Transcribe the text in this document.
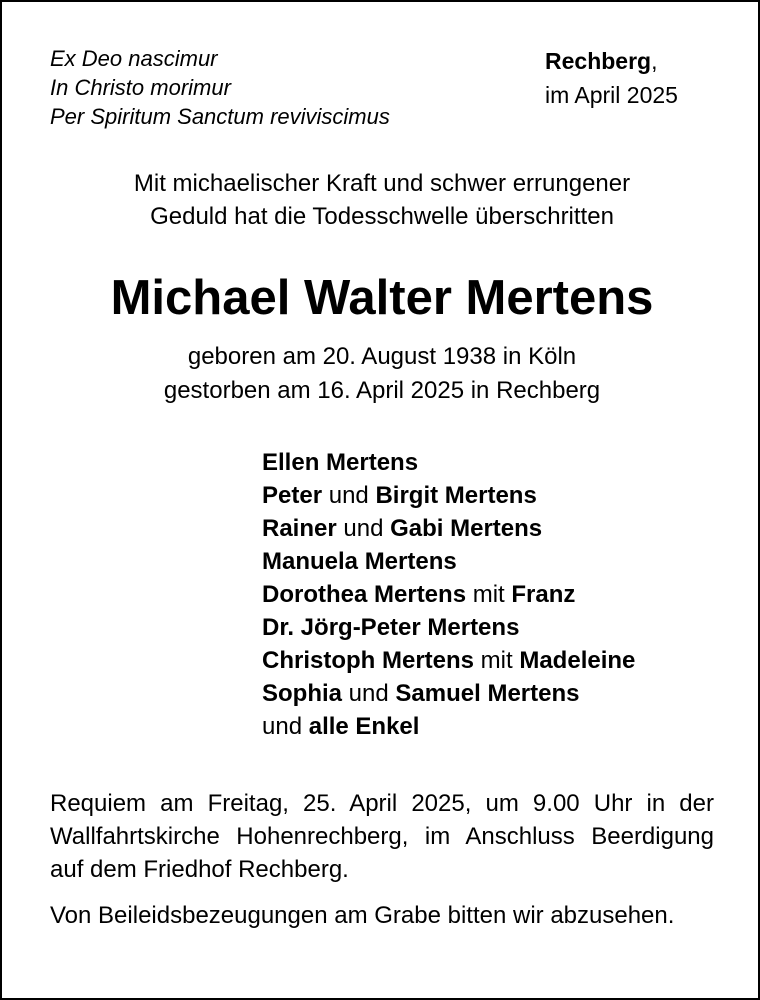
Ex Deo nascimur
In Christo morimur
Per Spiritum Sanctum reviviscimus
Rechberg,
im April 2025
Mit michaelischer Kraft und schwer errungener
Geduld hat die Todesschwelle überschritten
Michael Walter Mertens
geboren am 20. August 1938 in Köln
gestorben am 16. April 2025 in Rechberg
Ellen Mertens
Peter und Birgit Mertens
Rainer und Gabi Mertens
Manuela Mertens
Dorothea Mertens mit Franz
Dr. Jörg-Peter Mertens
Christoph Mertens mit Madeleine
Sophia und Samuel Mertens
und alle Enkel
Requiem am Freitag, 25. April 2025, um 9.00 Uhr in der Wallfahrtskirche Hohenrechberg, im Anschluss Beerdigung auf dem Friedhof Rechberg.
Von Beileidsbezeugungen am Grabe bitten wir abzusehen.
